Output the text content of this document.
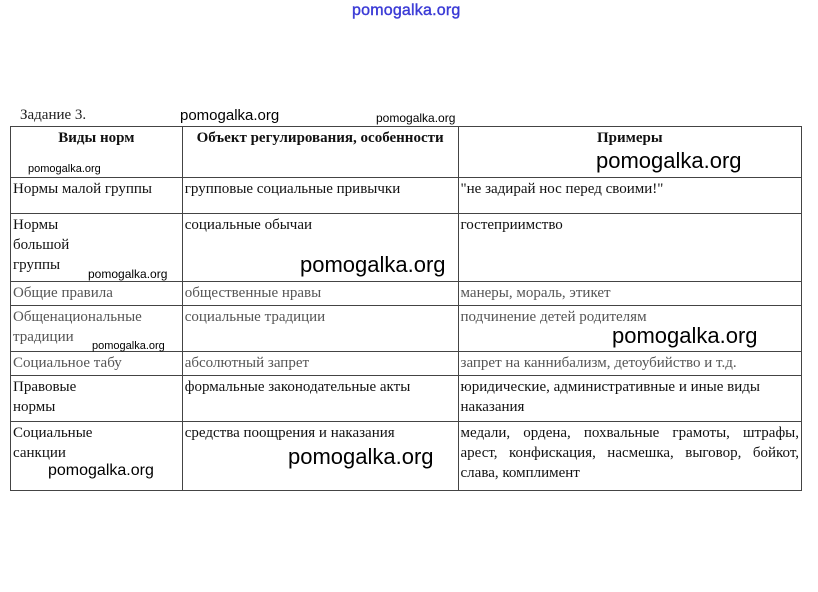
pomogalka.org
Задание 3.
Виды норм	Объект регулирования, особенности	Примеры
Нормы малой группы	групповые социальные привычки	"не задирай нос перед своими!"
Нормы большой группы	социальные обычаи	гостеприимство
Общие правила	общественные нравы	манеры, мораль, этикет
Общенациональные традиции	социальные традиции	подчинение детей родителям
Социальное табу	абсолютный запрет	запрет на каннибализм, детоубийство и т.д.
Правовые нормы	формальные законодательные акты	юридические, административные и иные виды наказания
Социальные санкции	средства поощрения и наказания	медали, ордена, похвальные грамоты, штрафы, арест, конфискация, насмешка, выговор, бойкот, слава, комплимент
pomogalka.org	pomogalka.org
pomogalka.org	pomogalka.org
pomogalka.org	pomogalka.org
pomogalka.org
pomogalka.org
pomogalka.org
pomogalka.org
